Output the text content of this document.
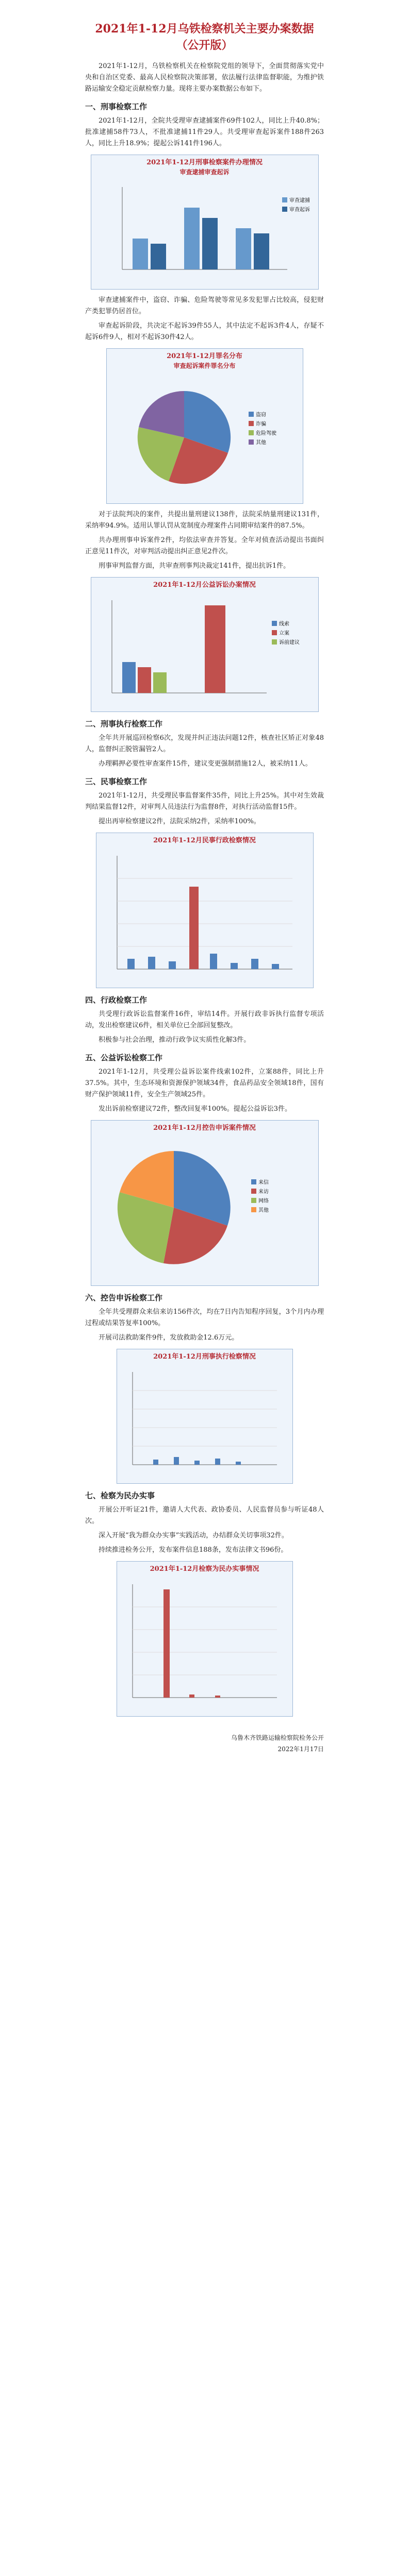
2021年1-12月乌铁检察机关主要办案数据
（公开版）

2021年1-12月，乌铁检察机关在检察院党组的领导下，全面贯彻落实党中央和自治区党委、最高人民检察院决策部署，依法履行法律监督职能，为维护铁路运输安全稳定贡献检察力量。现将主要办案数据公布如下。

一、刑事检察工作

2021年1-12月，全院共受理审查逮捕案件69件102人，同比上升40.8%；批准逮捕58件73人，不批准逮捕11件29人。共受理审查起诉案件188件263人，同比上升18.9%；提起公诉141件196人。

2021年1-12月刑事检察案件办理情况
审查逮捕审查起诉
审查逮捕
审查起诉

审查逮捕案件中，盗窃、诈骗、危险驾驶等常见多发犯罪占比较高，侵犯财产类犯罪仍居首位。

审查起诉阶段，共决定不起诉39件55人，其中法定不起诉3件4人，存疑不起诉6件9人，相对不起诉30件42人。

2021年1-12月罪名分布
审查起诉案件罪名分布
盗窃
诈骗
危险驾驶
其他

对于法院判决的案件，共提出量刑建议138件，法院采纳量刑建议131件，采纳率94.9%。适用认罪认罚从宽制度办理案件占同期审结案件的87.5%。

共办理刑事申诉案件2件，均依法审查并答复。全年对侦查活动提出书面纠正意见11件次，对审判活动提出纠正意见2件次。

刑事审判监督方面，共审查刑事判决裁定141件，提出抗诉1件。

2021年1-12月公益诉讼办案情况
线索
立案
诉前建议
二、刑事执行检察工作

全年共开展巡回检察6次，发现并纠正违法问题12件，核查社区矫正对象48人，监督纠正脱管漏管2人。

办理羁押必要性审查案件15件，建议变更强制措施12人，被采纳11人。

三、民事检察工作

2021年1-12月，共受理民事监督案件35件，同比上升25%。其中对生效裁判结果监督12件，对审判人员违法行为监督8件，对执行活动监督15件。

提出再审检察建议2件，法院采纳2件，采纳率100%。

2021年1-12月民事行政检察情况
四、行政检察工作

共受理行政诉讼监督案件16件，审结14件。开展行政非诉执行监督专项活动，发出检察建议6件，相关单位已全部回复整改。

积极参与社会治理，推动行政争议实质性化解3件。

五、公益诉讼检察工作

2021年1-12月，共受理公益诉讼案件线索102件，立案88件，同比上升37.5%。其中，生态环境和资源保护领域34件，食品药品安全领域18件，国有财产保护领域11件，安全生产领域25件。

发出诉前检察建议72件，整改回复率100%。提起公益诉讼3件。

2021年1-12月控告申诉案件情况
来信
来访
网络
其他
六、控告申诉检察工作

全年共受理群众来信来访156件次，均在7日内告知程序回复，3个月内办理过程或结果答复率100%。

开展司法救助案件9件，发放救助金12.6万元。

2021年1-12月刑事执行检察情况
七、检察为民办实事

开展公开听证21件，邀请人大代表、政协委员、人民监督员参与听证48人次。

深入开展“我为群众办实事”实践活动，办结群众关切事项32件。

持续推进检务公开，发布案件信息188条，发布法律文书96份。

2021年1-12月检察为民办实事情况
乌鲁木齐铁路运输检察院检务公开
2022年1月17日
